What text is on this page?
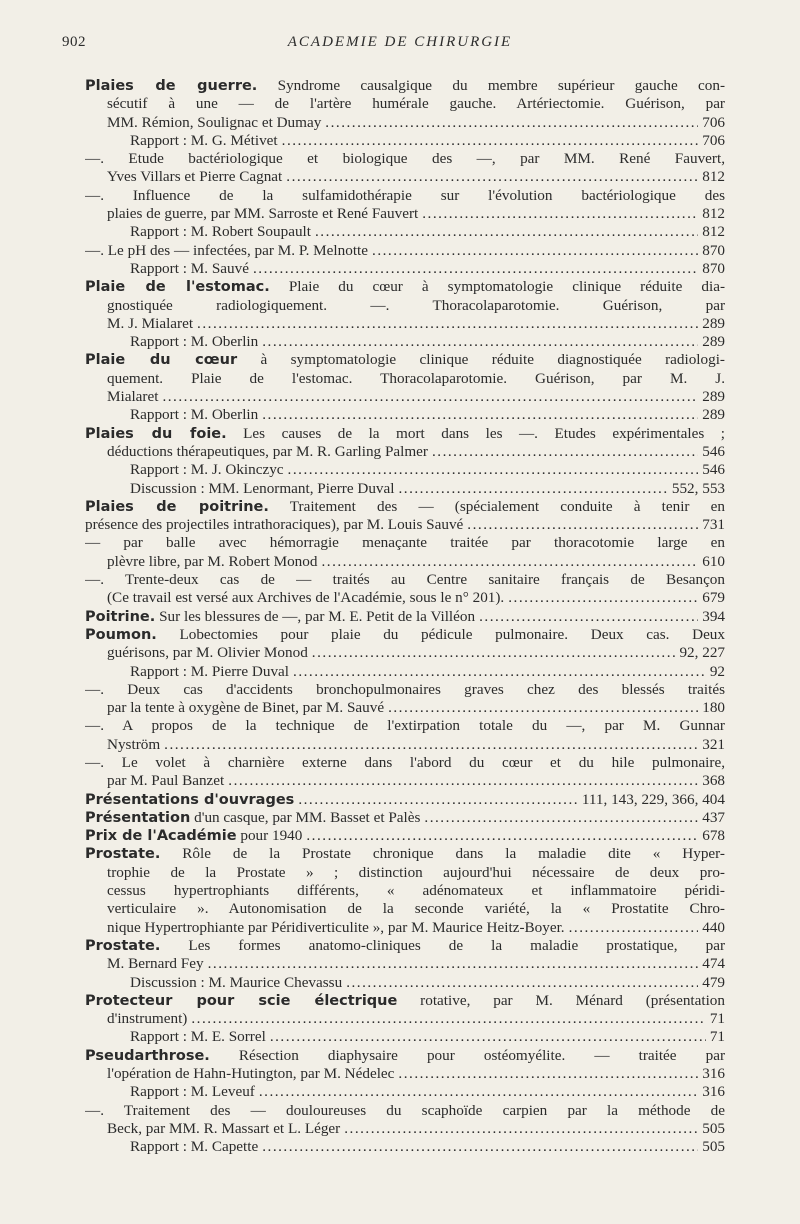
902	ACADEMIE DE CHIRURGIE
Plaies de guerre. Syndrome causalgique du membre supérieur gauche con-
sécutif à une — de l'artère humérale gauche. Artériectomie. Guérison, par
MM. Rémion, Soulignac et Dumay .....	706
Rapport : M. G. Métivet .....	706
—. Etude bactériologique et biologique des —, par MM. René Fauvert,
Yves Villars et Pierre Cagnat .....	812
—. Influence de la sulfamidothérapie sur l'évolution bactériologique des
plaies de guerre, par MM. Sarroste et René Fauvert .....	812
Rapport : M. Robert Soupault .....	812
—. Le pH des — infectées, par M. P. Melnotte .....	870
Rapport : M. Sauvé .....	870
Plaie de l'estomac. Plaie du cœur à symptomatologie clinique réduite dia-
gnostiquée radiologiquement. —. Thoracolaparotomie. Guérison, par
M. J. Mialaret .....	289
Rapport : M. Oberlin .....	289
Plaie du cœur à symptomatologie clinique réduite diagnostiquée radiologi-
quement. Plaie de l'estomac. Thoracolaparotomie. Guérison, par M. J.
Mialaret .....	289
Rapport : M. Oberlin .....	289
Plaies du foie. Les causes de la mort dans les —. Etudes expérimentales ;
déductions thérapeutiques, par M. R. Garling Palmer .....	546
Rapport : M. J. Okinczyc .....	546
Discussion : MM. Lenormant, Pierre Duval .....	552, 553
Plaies de poitrine. Traitement des — (spécialement conduite à tenir en
présence des projectiles intrathoraciques), par M. Louis Sauvé .....	731
— par balle avec hémorragie menaçante traitée par thoracotomie large en
plèvre libre, par M. Robert Monod .....	610
—. Trente-deux cas de — traités au Centre sanitaire français de Besançon
(Ce travail est versé aux Archives de l'Académie, sous le n° 201). .....	679
Poitrine. Sur les blessures de —, par M. E. Petit de la Villéon .....	394
Poumon. Lobectomies pour plaie du pédicule pulmonaire. Deux cas. Deux
guérisons, par M. Olivier Monod .....	92, 227
Rapport : M. Pierre Duval .....	92
—. Deux cas d'accidents bronchopulmonaires graves chez des blessés traités
par la tente à oxygène de Binet, par M. Sauvé .....	180
—. A propos de la technique de l'extirpation totale du —, par M. Gunnar
Nyström .....	321
—. Le volet à charnière externe dans l'abord du cœur et du hile pulmonaire,
par M. Paul Banzet .....	368
Présentations d'ouvrages .....	111, 143, 229, 366, 404
Présentation d'un casque, par MM. Basset et Palès .....	437
Prix de l'Académie pour 1940 .....	678
Prostate. Rôle de la Prostate chronique dans la maladie dite « Hyper-
trophie de la Prostate » ; distinction aujourd'hui nécessaire de deux pro-
cessus hypertrophiants différents, « adénomateux et inflammatoire péridi-
verticulaire ». Autonomisation de la seconde variété, la « Prostatite Chro-
nique Hypertrophiante par Péridiverticulite », par M. Maurice Heitz-Boyer. .....	440
Prostate. Les formes anatomo-cliniques de la maladie prostatique, par
M. Bernard Fey .....	474
Discussion : M. Maurice Chevassu .....	479
Protecteur pour scie électrique rotative, par M. Ménard (présentation
d'instrument) .....	71
Rapport : M. E. Sorrel .....	71
Pseudarthrose. Résection diaphysaire pour ostéomyélite. — traitée par
l'opération de Hahn-Hutington, par M. Nédelec .....	316
Rapport : M. Leveuf .....	316
—. Traitement des — douloureuses du scaphoïde carpien par la méthode de
Beck, par MM. R. Massart et L. Léger .....	505
Rapport : M. Capette .....	505
